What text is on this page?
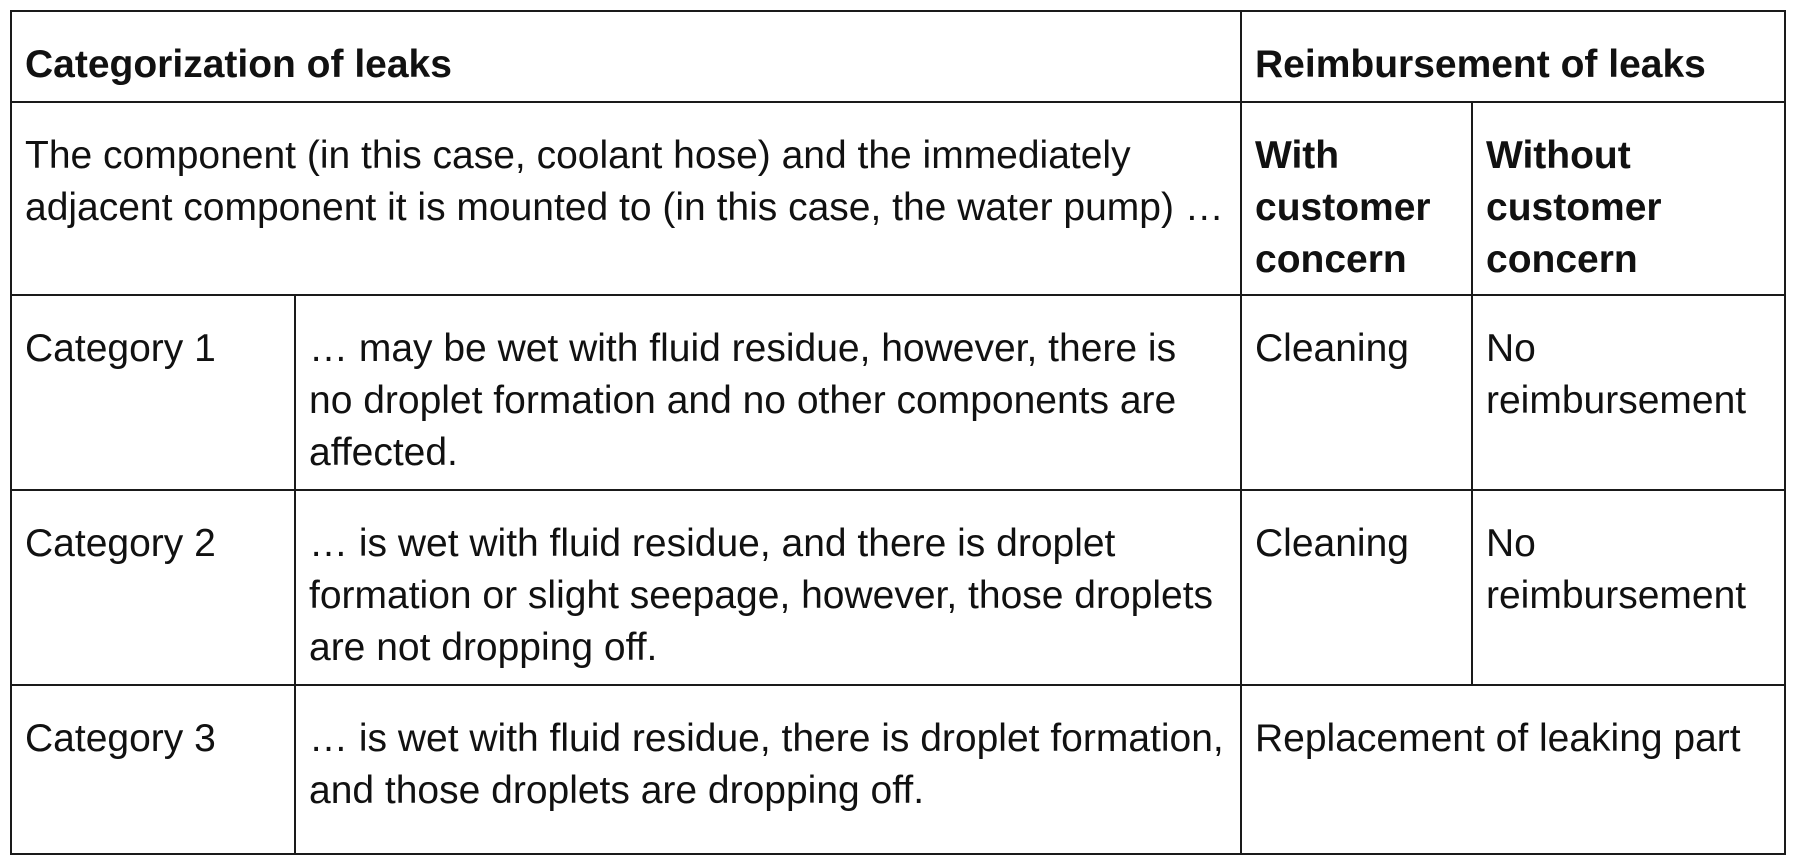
Categorization of leaks		Reimbursement of leaks	
The component (in this case, coolant hose) and the immediately adjacent component it is mounted to (in this case, the water pump) …		With customer concern	Without customer concern
Category 1	… may be wet with fluid residue, however, there is no droplet formation and no other components are affected.	Cleaning	No reimbursement
Category 2	… is wet with fluid residue, and there is droplet formation or slight seepage, however, those droplets are not dropping off.	Cleaning	No reimbursement
Category 3	… is wet with fluid residue, there is droplet formation, and those droplets are dropping off.	Replacement of leaking part	
